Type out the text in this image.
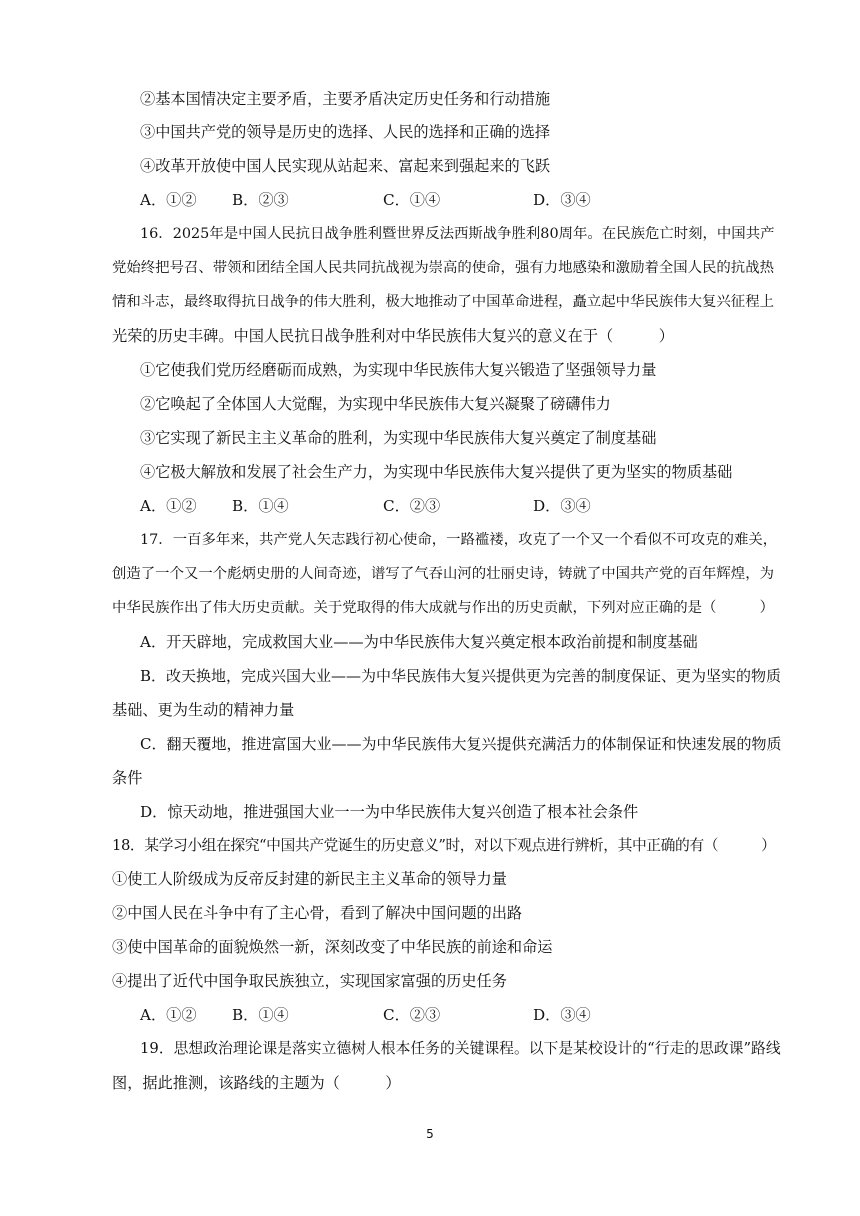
②基本国情决定主要矛盾，主要矛盾决定历史任务和行动措施
③中国共产党的领导是历史的选择、人民的选择和正确的选择
④改革开放使中国人民实现从站起来、富起来到强起来的飞跃
A．①② B．②③	C．①④	D．③④
16．2025年是中国人民抗日战争胜利暨世界反法西斯战争胜利80周年。在民族危亡时刻，中国共产
党始终把号召、带领和团结全国人民共同抗战视为崇高的使命，强有力地感染和激励着全国人民的抗战热
情和斗志，最终取得抗日战争的伟大胜利，极大地推动了中国革命进程，矗立起中华民族伟大复兴征程上
光荣的历史丰碑。中国人民抗日战争胜利对中华民族伟大复兴的意义在于（　　　）
①它使我们党历经磨砺而成熟，为实现中华民族伟大复兴锻造了坚强领导力量
②它唤起了全体国人大觉醒，为实现中华民族伟大复兴凝聚了磅礴伟力
③它实现了新民主主义革命的胜利，为实现中华民族伟大复兴奠定了制度基础
④它极大解放和发展了社会生产力，为实现中华民族伟大复兴提供了更为坚实的物质基础
A．①② B．①④	C．②③	D．③④
17．一百多年来，共产党人矢志践行初心使命，一路褴褛，攻克了一个又一个看似不可攻克的难关，
创造了一个又一个彪炳史册的人间奇迹，谱写了气吞山河的壮丽史诗，铸就了中国共产党的百年辉煌，为
中华民族作出了伟大历史贡献。关于党取得的伟大成就与作出的历史贡献，下列对应正确的是（　　　）
A．开天辟地，完成救国大业——为中华民族伟大复兴奠定根本政治前提和制度基础
B．改天换地，完成兴国大业——为中华民族伟大复兴提供更为完善的制度保证、更为坚实的物质
基础、更为生动的精神力量
C．翻天覆地，推进富国大业——为中华民族伟大复兴提供充满活力的体制保证和快速发展的物质
条件
D．惊天动地，推进强国大业一一为中华民族伟大复兴创造了根本社会条件
18．某学习小组在探究“中国共产党诞生的历史意义”时，对以下观点进行辨析，其中正确的有（　　　）
①使工人阶级成为反帝反封建的新民主主义革命的领导力量
②中国人民在斗争中有了主心骨，看到了解决中国问题的出路
③使中国革命的面貌焕然一新，深刻改变了中华民族的前途和命运
④提出了近代中国争取民族独立，实现国家富强的历史任务
A．①② B．①④	C．②③	D．③④
19．思想政治理论课是落实立德树人根本任务的关键课程。以下是某校设计的“行走的思政课”路线
图，据此推测，该路线的主题为（　　　）
5
